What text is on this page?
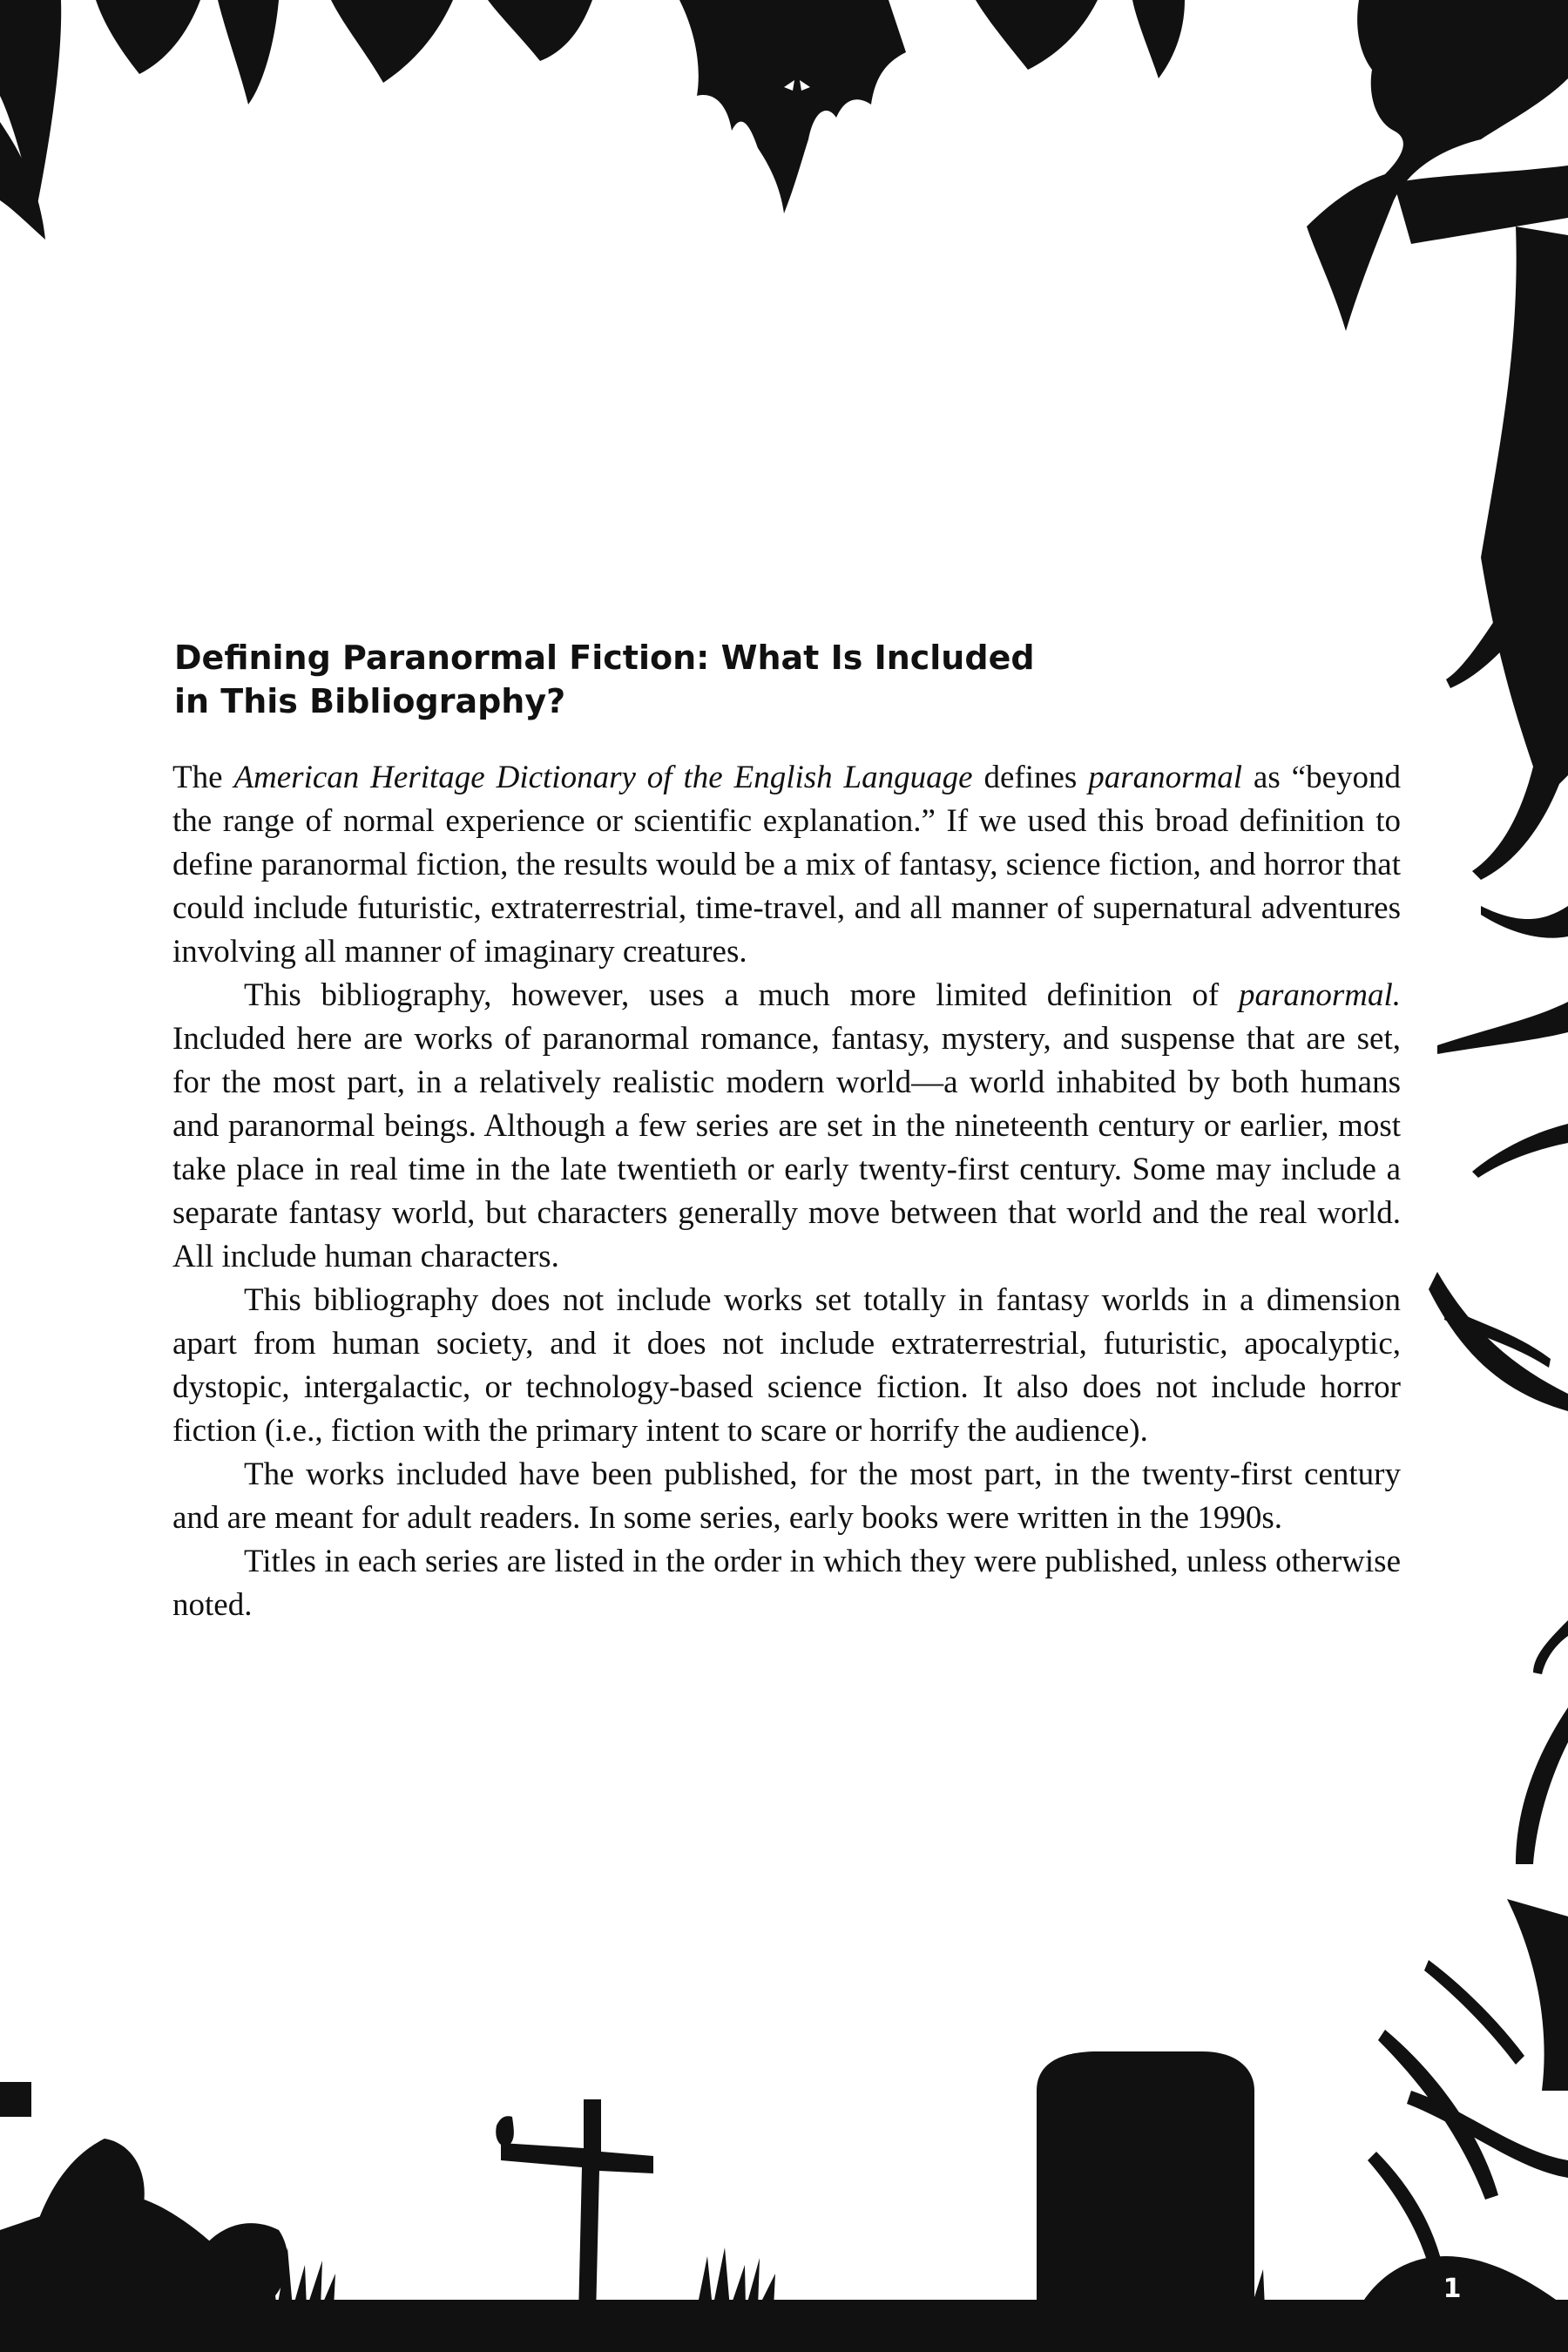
Defining Paranormal Fiction: What Is Included
in This Bibliography?

The American Heritage Dictionary of the English Language defines paranormal as “beyond the range of normal experience or scientific explanation.” If we used this broad definition to define paranormal fiction, the results would be a mix of fantasy, science fiction, and horror that could include futuristic, extraterrestrial, time-travel, and all manner of supernatural adventures involving all manner of imaginary creatures.

This bibliography, however, uses a much more limited definition of paranormal. Included here are works of paranormal romance, fantasy, mystery, and suspense that are set, for the most part, in a relatively realistic modern world—a world inhabited by both humans and paranormal beings. Although a few series are set in the nineteenth century or earlier, most take place in real time in the late twentieth or early twenty-first century. Some may include a separate fantasy world, but characters generally move between that world and the real world. All include human characters.

This bibliography does not include works set totally in fantasy worlds in a dimension apart from human society, and it does not include extraterrestrial, futuristic, apocalyptic, dystopic, intergalactic, or technology-based science fiction. It also does not include horror fiction (i.e., fiction with the primary intent to scare or horrify the audience).

The works included have been published, for the most part, in the twenty-first century and are meant for adult readers. In some series, early books were written in the 1990s.

Titles in each series are listed in the order in which they were published, unless otherwise noted.

1
